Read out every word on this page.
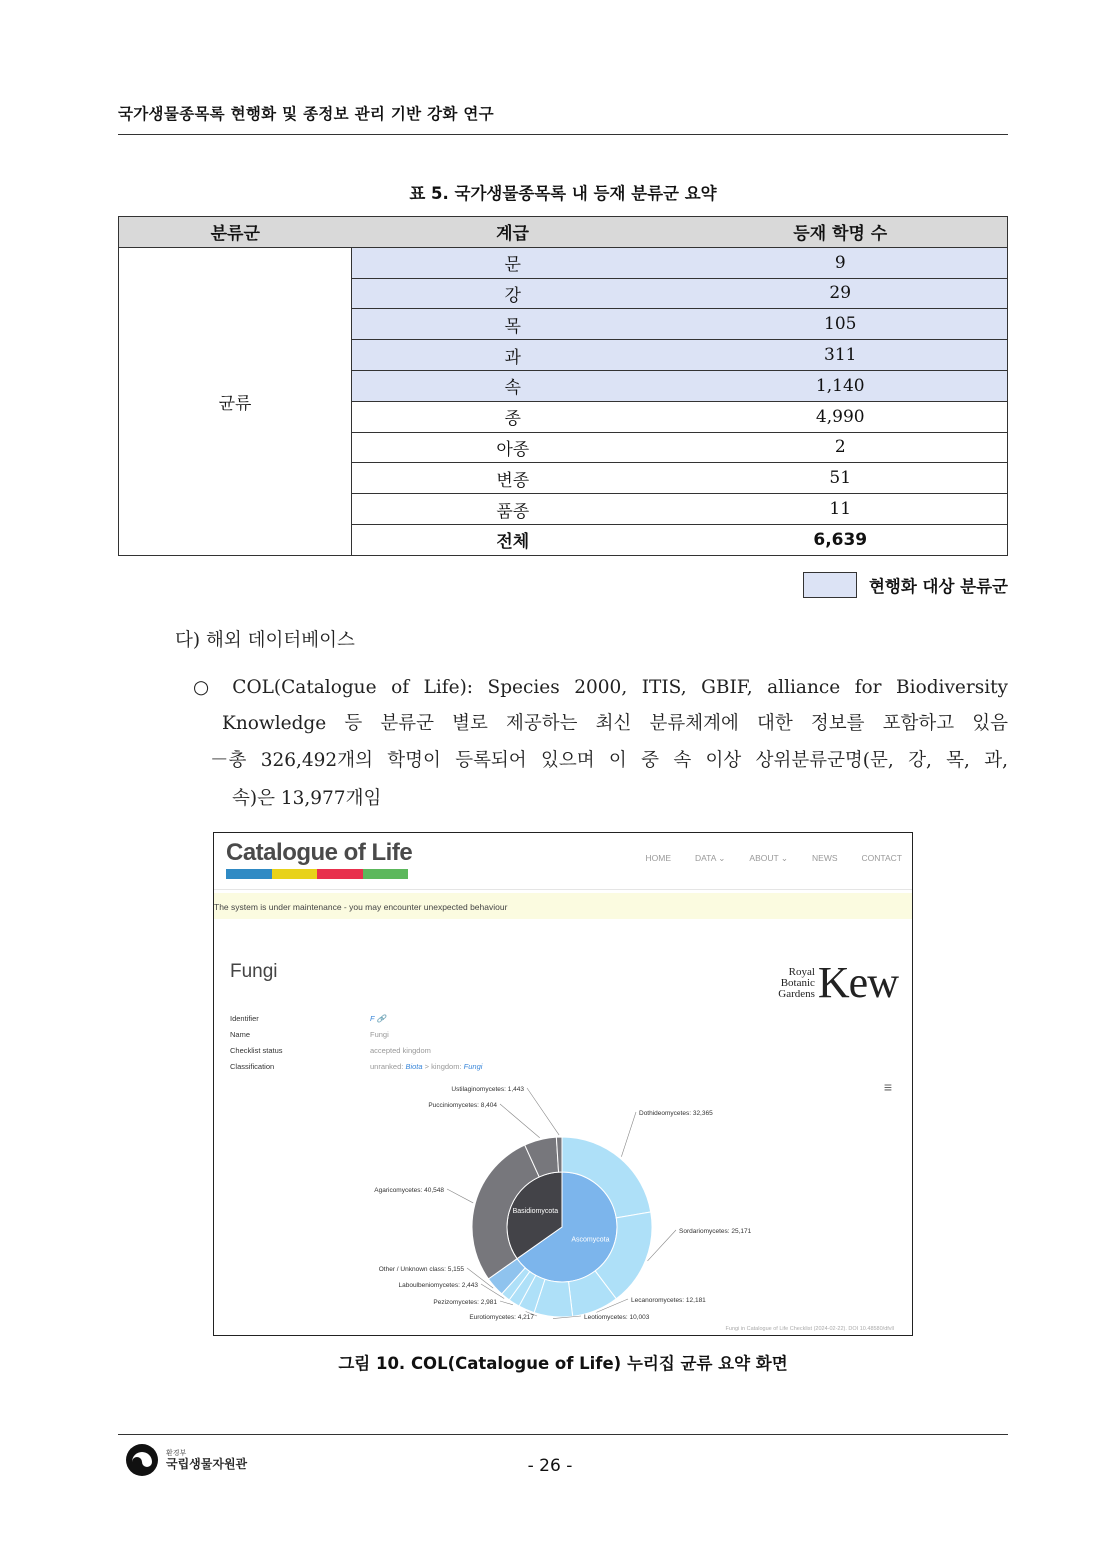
국가생물종목록 현행화 및 종정보 관리 기반 강화 연구
표 5. 국가생물종목록 내 등재 분류군 요약
분류군	계급	등재 학명 수
균류	문	9
	강	29
	목	105
	과	311
	속	1,140
	종	4,990
	아종	2
	변종	51
	품종	11
	전체	6,639
현행화 대상 분류군
다) 해외 데이터베이스
○ COL(Catalogue of Life): Species 2000, ITIS, GBIF, alliance for Biodiversity
Knowledge 등 분류군 별로 제공하는 최신 분류체계에 대한 정보를 포함하고 있음
－총 326,492개의 학명이 등록되어 있으며 이 중 속 이상 상위분류군명(문, 강, 목, 과,
속)은 13,977개임
Catalogue of Life	HOME	DATA ⌄	ABOUT ⌄	NEWS	CONTACT
The system is under maintenance - you may encounter unexpected behaviour
Fungi	Royal
Botanic
Gardens Kew
Identifier	F 🔗
Name	Fungi
Checklist status	accepted kingdom
Classification	unranked: Biota > kingdom: Fungi
≡
Ascomycota
Basidiomycota
Dothideomycetes: 32,365
Sordariomycetes: 25,171
Lecanoromycetes: 12,181
Leotiomycetes: 10,003
Eurotiomycetes: 4,217
Pezizomycetes: 2,981
Laboulbeniomycetes: 2,443
Other / Unknown class: 5,155
Agaricomycetes: 40,548
Pucciniomycetes: 8,404
Ustilaginomycetes: 1,443
Fungi in Catalogue of Life Checklist (2024-02-22). DOI 10.48580/dfvll
그림 10. COL(Catalogue of Life) 누리집 균류 요약 화면
환경부
국립생물자원관	- 26 -
